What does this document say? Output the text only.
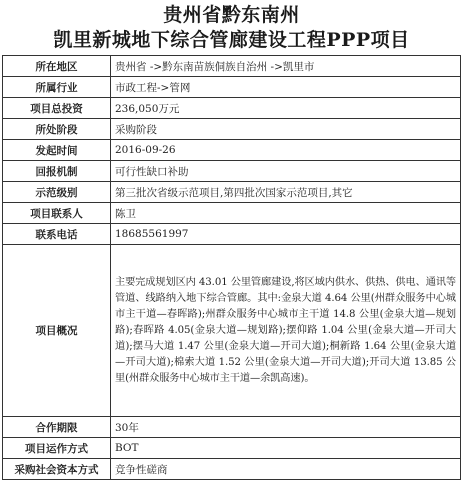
贵州省黔东南州
凯里新城地下综合管廊建设工程PPP项目
所在地区	贵州省 ->黔东南苗族侗族自治州 ->凯里市
所属行业	市政工程->管网
项目总投资	236,050万元
所处阶段	采购阶段
发起时间	2016-09-26
回报机制	可行性缺口补助
示范级别	第三批次省级示范项目,第四批次国家示范项目,其它
项目联系人	陈卫
联系电话	18685561997
项目概况	主要完成规划区内 43.01 公里管廊建设,将区域内供水、供热、供电、通讯等管道、线路纳入地下综合管廊。其中:金泉大道 4.64 公里(州群众服务中心城市主干道—春晖路);州群众服务中心城市主干道 14.8 公里(金泉大道—规划路);春晖路 4.05(金泉大道—规划路);摆仰路 1.04 公里(金泉大道—开司大道);摆马大道 1.47 公里(金泉大道—开司大道);桐新路 1.64 公里(金泉大道—开司大道);棉索大道 1.52 公里(金泉大道—开司大道);开司大道 13.85 公里(州群众服务中心城市主干道—余凯高速)。
合作期限	30年
项目运作方式	BOT
采购社会资本方式	竞争性磋商
